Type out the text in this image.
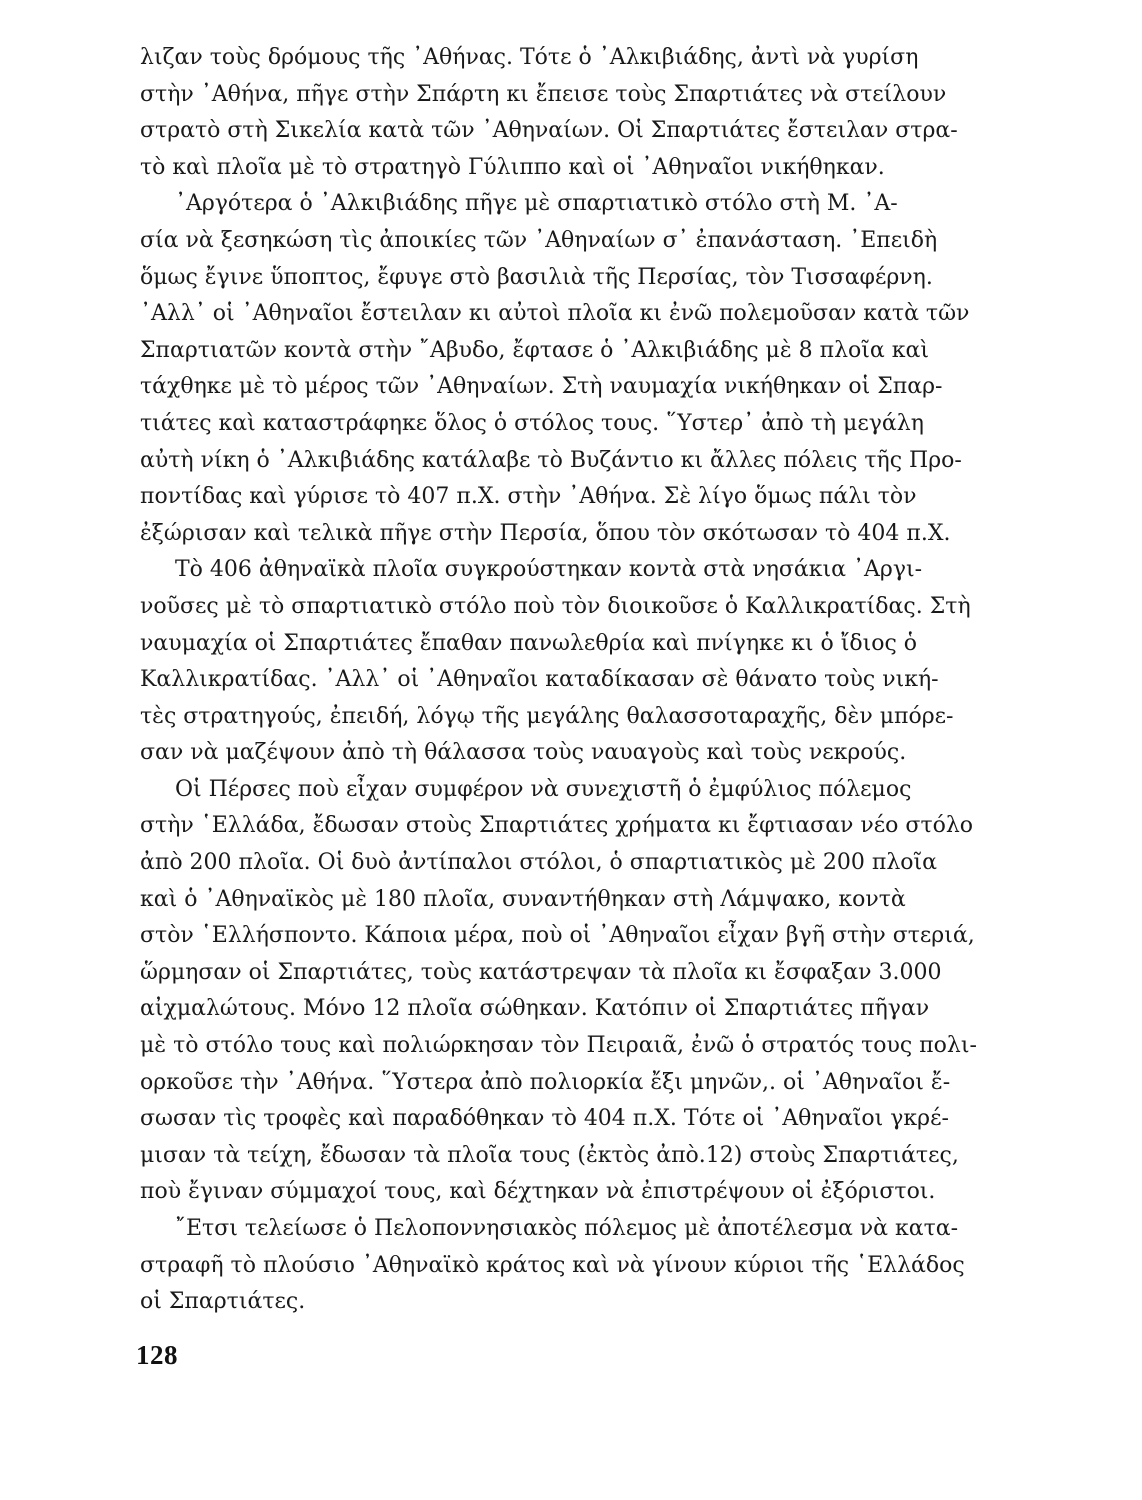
λιζαν τοὺς δρόμους τῆς ᾿Αθήνας. Τότε ὁ ᾿Αλκιβιάδης, ἀντὶ νὰ γυρίση
στὴν ᾿Αθήνα, πῆγε στὴν Σπάρτη κι ἔπεισε τοὺς Σπαρτιάτες νὰ στείλουν
στρατὸ στὴ Σικελία κατὰ τῶν ᾿Αθηναίων. Οἱ Σπαρτιάτες ἔστειλαν στρα-
τὸ καὶ πλοῖα μὲ τὸ στρατηγὸ Γύλιππο καὶ οἱ ᾿Αθηναῖοι νικήθηκαν.
᾿Αργότερα ὁ ᾿Αλκιβιάδης πῆγε μὲ σπαρτιατικὸ στόλο στὴ Μ. ᾿Α-
σία νὰ ξεσηκώση τὶς ἀποικίες τῶν ᾿Αθηναίων σ᾿ ἐπανάσταση. ᾿Επειδὴ
ὅμως ἔγινε ὕποπτος, ἔφυγε στὸ βασιλιὰ τῆς Περσίας, τὸν Τισσαφέρνη.
᾿Αλλ᾿ οἱ ᾿Αθηναῖοι ἔστειλαν κι αὐτοὶ πλοῖα κι ἐνῶ πολεμοῦσαν κατὰ τῶν
Σπαρτιατῶν κοντὰ στὴν ῎Αβυδο, ἔφτασε ὁ ᾿Αλκιβιάδης μὲ 8 πλοῖα καὶ
τάχθηκε μὲ τὸ μέρος τῶν ᾿Αθηναίων. Στὴ ναυμαχία νικήθηκαν οἱ Σπαρ-
τιάτες καὶ καταστράφηκε ὅλος ὁ στόλος τους. ῞Υστερ᾿ ἀπὸ τὴ μεγάλη
αὐτὴ νίκη ὁ ᾿Αλκιβιάδης κατάλαβε τὸ Βυζάντιο κι ἄλλες πόλεις τῆς Προ-
ποντίδας καὶ γύρισε τὸ 407 π.Χ. στὴν ᾿Αθήνα. Σὲ λίγο ὅμως πάλι τὸν
ἐξώρισαν καὶ τελικὰ πῆγε στὴν Περσία, ὅπου τὸν σκότωσαν τὸ 404 π.Χ.
Τὸ 406 ἀθηναϊκὰ πλοῖα συγκρούστηκαν κοντὰ στὰ νησάκια ᾿Αργι-
νοῦσες μὲ τὸ σπαρτιατικὸ στόλο ποὺ τὸν διοικοῦσε ὁ Καλλικρατίδας. Στὴ
ναυμαχία οἱ Σπαρτιάτες ἔπαθαν πανωλεθρία καὶ πνίγηκε κι ὁ ἴδιος ὁ
Καλλικρατίδας. ᾿Αλλ᾿ οἱ ᾿Αθηναῖοι καταδίκασαν σὲ θάνατο τοὺς νική-
τὲς στρατηγούς, ἐπειδή, λόγῳ τῆς μεγάλης θαλασσοταραχῆς, δὲν μπόρε-
σαν νὰ μαζέψουν ἀπὸ τὴ θάλασσα τοὺς ναυαγοὺς καὶ τοὺς νεκρούς.
Οἱ Πέρσες ποὺ εἶχαν συμφέρον νὰ συνεχιστῆ ὁ ἐμφύλιος πόλεμος
στὴν ῾Ελλάδα, ἔδωσαν στοὺς Σπαρτιάτες χρήματα κι ἔφτιασαν νέο στόλο
ἀπὸ 200 πλοῖα. Οἱ δυὸ ἀντίπαλοι στόλοι, ὁ σπαρτιατικὸς μὲ 200 πλοῖα
καὶ ὁ ᾿Αθηναϊκὸς μὲ 180 πλοῖα, συναντήθηκαν στὴ Λάμψακο, κοντὰ
στὸν ῾Ελλήσποντο. Κάποια μέρα, ποὺ οἱ ᾿Αθηναῖοι εἶχαν βγῆ στὴν στεριά,
ὥρμησαν οἱ Σπαρτιάτες, τοὺς κατάστρεψαν τὰ πλοῖα κι ἔσφαξαν 3.000
αἰχμαλώτους. Μόνο 12 πλοῖα σώθηκαν. Κατόπιν οἱ Σπαρτιάτες πῆγαν
μὲ τὸ στόλο τους καὶ πολιώρκησαν τὸν Πειραιᾶ, ἐνῶ ὁ στρατός τους πολι-
ορκοῦσε τὴν ᾿Αθήνα. ῞Υστερα ἀπὸ πολιορκία ἔξι μηνῶν,. οἱ ᾿Αθηναῖοι ἔ-
σωσαν τὶς τροφὲς καὶ παραδόθηκαν τὸ 404 π.Χ. Τότε οἱ ᾿Αθηναῖοι γκρέ-
μισαν τὰ τείχη, ἔδωσαν τὰ πλοῖα τους (ἐκτὸς ἀπὸ.12) στοὺς Σπαρτιάτες,
ποὺ ἔγιναν σύμμαχοί τους, καὶ δέχτηκαν νὰ ἐπιστρέψουν οἱ ἐξόριστοι.
῎Ετσι τελείωσε ὁ Πελοποννησιακὸς πόλεμος μὲ ἀποτέλεσμα νὰ κατα-
στραφῆ τὸ πλούσιο ᾿Αθηναϊκὸ κράτος καὶ νὰ γίνουν κύριοι τῆς ῾Ελλάδος
οἱ Σπαρτιάτες.
128
